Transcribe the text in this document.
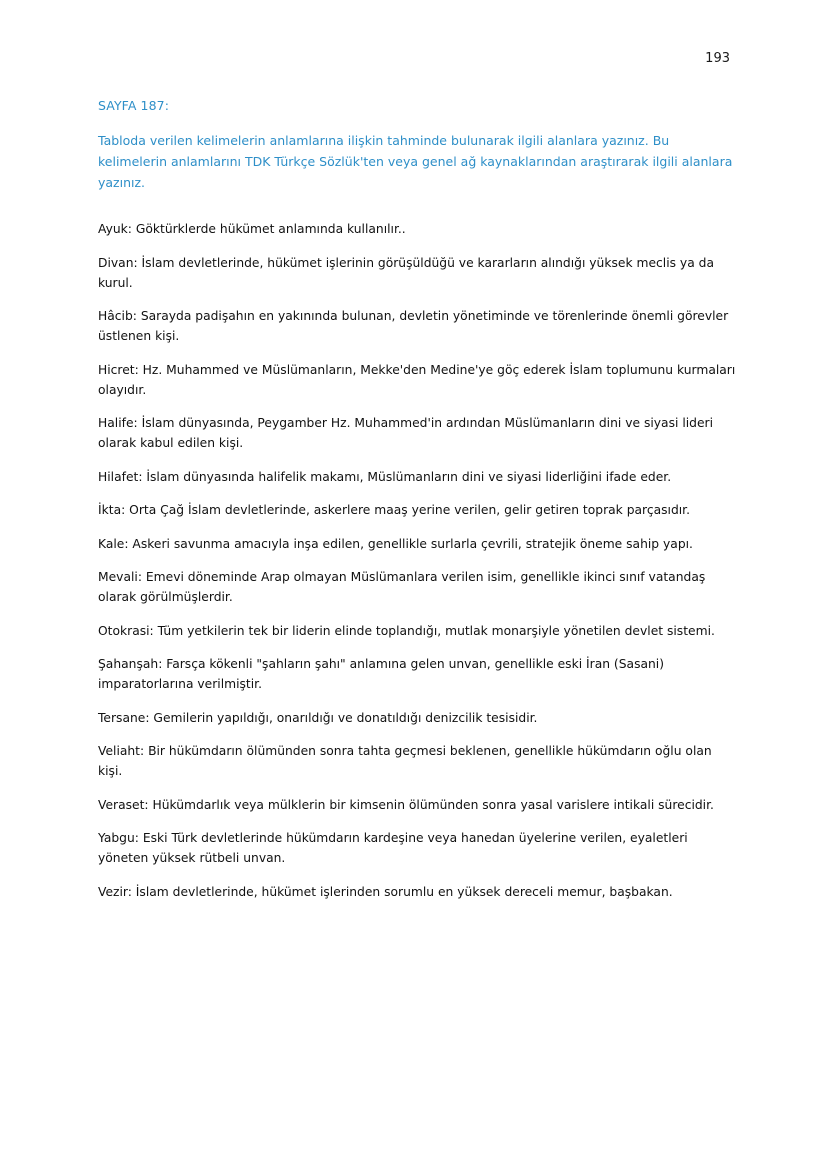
193

SAYFA 187:

Tabloda verilen kelimelerin anlamlarına ilişkin tahminde bulunarak ilgili alanlara yazınız. Bu kelimelerin anlamlarını TDK Türkçe Sözlük'ten veya genel ağ kaynaklarından araştırarak ilgili alanlara yazınız.

Ayuk: Göktürklerde hükümet anlamında kullanılır..
Divan: İslam devletlerinde, hükümet işlerinin görüşüldüğü ve kararların alındığı yüksek meclis ya da kurul.
Hâcib: Sarayda padişahın en yakınında bulunan, devletin yönetiminde ve törenlerinde önemli görevler üstlenen kişi.
Hicret: Hz. Muhammed ve Müslümanların, Mekke'den Medine'ye göç ederek İslam toplumunu kurmaları olayıdır.
Halife: İslam dünyasında, Peygamber Hz. Muhammed'in ardından Müslümanların dini ve siyasi lideri olarak kabul edilen kişi.
Hilafet: İslam dünyasında halifelik makamı, Müslümanların dini ve siyasi liderliğini ifade eder.
İkta: Orta Çağ İslam devletlerinde, askerlere maaş yerine verilen, gelir getiren toprak parçasıdır.
Kale: Askeri savunma amacıyla inşa edilen, genellikle surlarla çevrili, stratejik öneme sahip yapı.
Mevali: Emevi döneminde Arap olmayan Müslümanlara verilen isim, genellikle ikinci sınıf vatandaş olarak görülmüşlerdir.
Otokrasi: Tüm yetkilerin tek bir liderin elinde toplandığı, mutlak monarşiyle yönetilen devlet sistemi.
Şahanşah: Farsça kökenli "şahların şahı" anlamına gelen unvan, genellikle eski İran (Sasani) imparatorlarına verilmiştir.
Tersane: Gemilerin yapıldığı, onarıldığı ve donatıldığı denizcilik tesisidir.
Veliaht: Bir hükümdarın ölümünden sonra tahta geçmesi beklenen, genellikle hükümdarın oğlu olan kişi.
Veraset: Hükümdarlık veya mülklerin bir kimsenin ölümünden sonra yasal varislere intikali sürecidir.
Yabgu: Eski Türk devletlerinde hükümdarın kardeşine veya hanedan üyelerine verilen, eyaletleri yöneten yüksek rütbeli unvan.
Vezir: İslam devletlerinde, hükümet işlerinden sorumlu en yüksek dereceli memur, başbakan.
